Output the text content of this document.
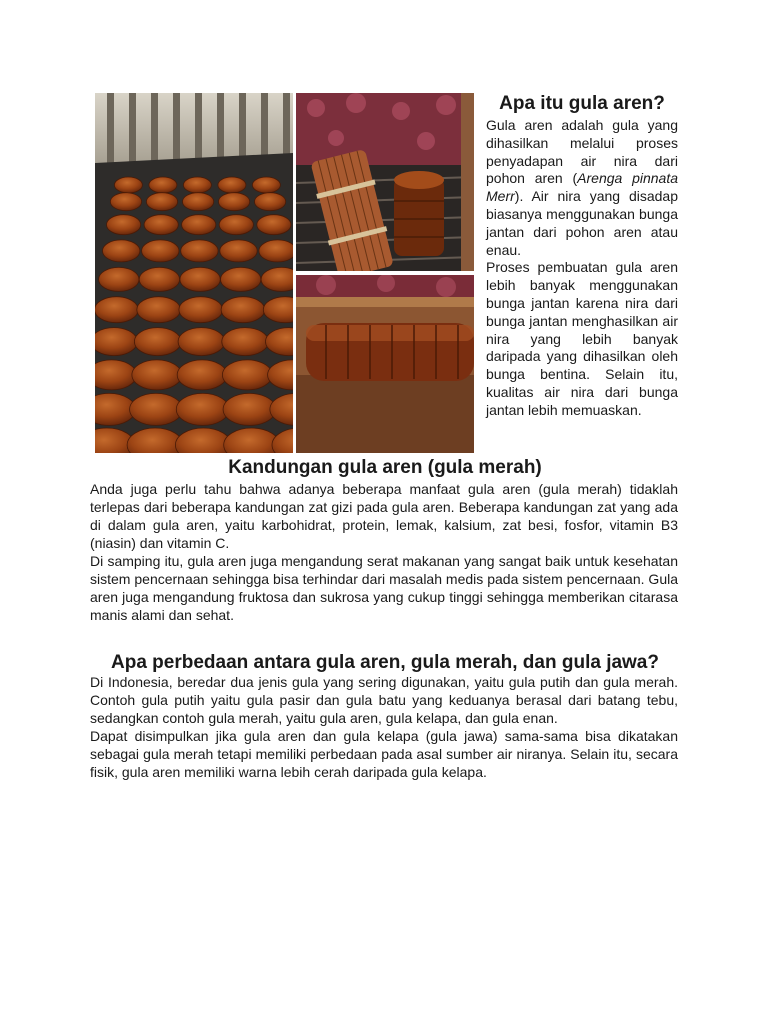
Apa itu gula aren?

Gula aren adalah gula yang dihasilkan melalui proses penyadapan air nira dari pohon aren (Arenga pinnata Merr). Air nira yang disadap biasanya menggunakan bunga jantan dari pohon aren atau enau.

Proses pembuatan gula aren lebih banyak menggunakan bunga jantan karena nira dari bunga jantan menghasilkan air nira yang lebih banyak daripada yang dihasilkan oleh bunga bentina. Selain itu, kualitas air nira dari bunga jantan lebih memuaskan.

Kandungan gula aren (gula merah)

Anda juga perlu tahu bahwa adanya beberapa manfaat gula aren (gula merah) tidaklah terlepas dari beberapa kandungan zat gizi pada gula aren. Beberapa kandungan zat yang ada di dalam gula aren, yaitu karbohidrat, protein, lemak, kalsium, zat besi, fosfor, vitamin B3 (niasin) dan vitamin C.

Di samping itu, gula aren juga mengandung serat makanan yang sangat baik untuk kesehatan sistem pencernaan sehingga bisa terhindar dari masalah medis pada sistem pencernaan. Gula aren juga mengandung fruktosa dan sukrosa yang cukup tinggi sehingga memberikan citarasa manis alami dan sehat.

Apa perbedaan antara gula aren, gula merah, dan gula jawa?

Di Indonesia, beredar dua jenis gula yang sering digunakan, yaitu gula putih dan gula merah. Contoh gula putih yaitu gula pasir dan gula batu yang keduanya berasal dari batang tebu, sedangkan contoh gula merah, yaitu gula aren, gula kelapa, dan gula enan.

Dapat disimpulkan jika gula aren dan gula kelapa (gula jawa) sama-sama bisa dikatakan sebagai gula merah tetapi memiliki perbedaan pada asal sumber air niranya. Selain itu, secara fisik, gula aren memiliki warna lebih cerah daripada gula kelapa.
